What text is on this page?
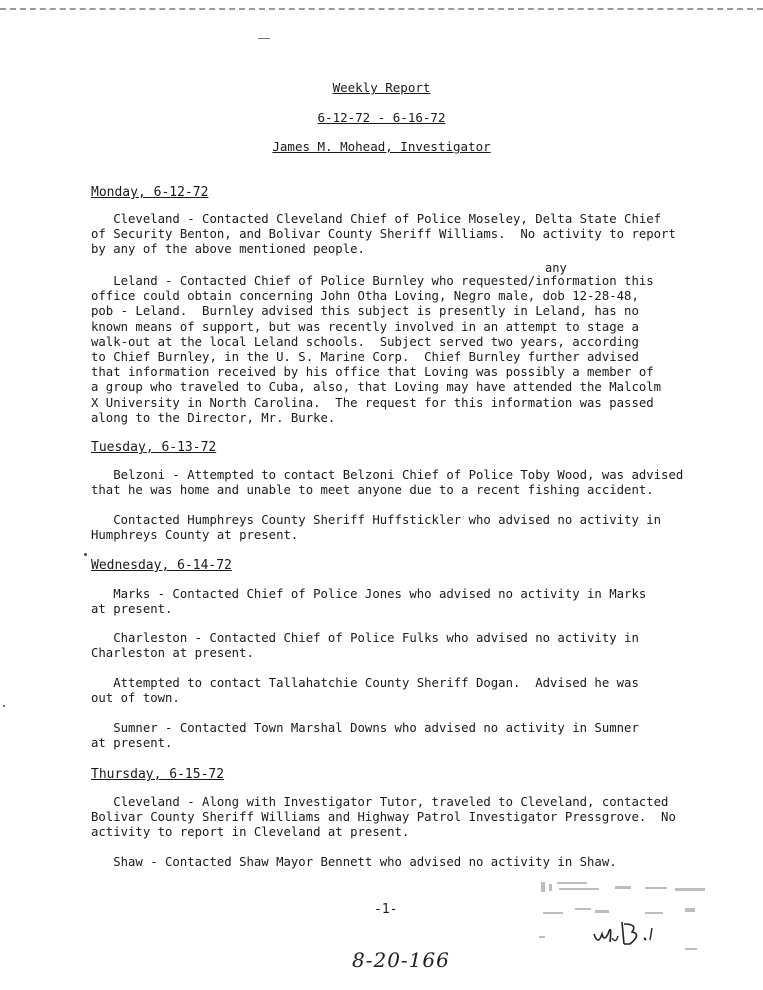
Weekly Report
6-12-72 - 6-16-72
James M. Mohead, Investigator
Monday, 6-12-72
Cleveland - Contacted Cleveland Chief of Police Moseley, Delta State Chief
of Security Benton, and Bolivar County Sheriff Williams.  No activity to report
by any of the above mentioned people.
any
Leland - Contacted Chief of Police Burnley who requested/information this
office could obtain concerning John Otha Loving, Negro male, dob 12-28-48,
pob - Leland.  Burnley advised this subject is presently in Leland, has no
known means of support, but was recently involved in an attempt to stage a
walk-out at the local Leland schools.  Subject served two years, according
to Chief Burnley, in the U. S. Marine Corp.  Chief Burnley further advised
that information received by his office that Loving was possibly a member of
a group who traveled to Cuba, also, that Loving may have attended the Malcolm
X University in North Carolina.  The request for this information was passed
along to the Director, Mr. Burke.
Tuesday, 6-13-72
Belzoni - Attempted to contact Belzoni Chief of Police Toby Wood, was advised
that he was home and unable to meet anyone due to a recent fishing accident.
Contacted Humphreys County Sheriff Huffstickler who advised no activity in
Humphreys County at present.
Wednesday, 6-14-72
Marks - Contacted Chief of Police Jones who advised no activity in Marks
at present.
Charleston - Contacted Chief of Police Fulks who advised no activity in
Charleston at present.
Attempted to contact Tallahatchie County Sheriff Dogan.  Advised he was
out of town.
Sumner - Contacted Town Marshal Downs who advised no activity in Sumner
at present.
Thursday, 6-15-72
Cleveland - Along with Investigator Tutor, traveled to Cleveland, contacted
Bolivar County Sheriff Williams and Highway Patrol Investigator Pressgrove.  No
activity to report in Cleveland at present.
Shaw - Contacted Shaw Mayor Bennett who advised no activity in Shaw.
-1-
8-20-166
